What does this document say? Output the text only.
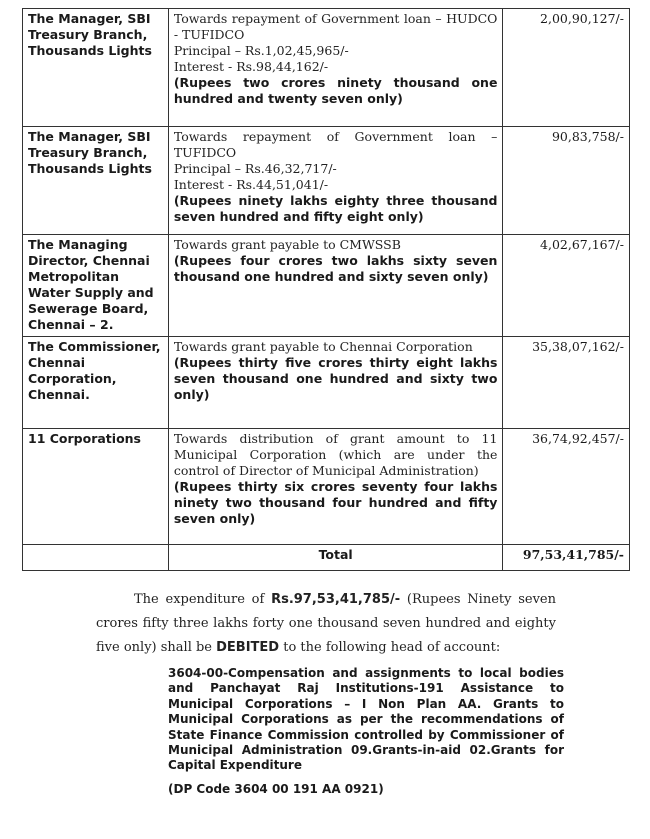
The Manager, SBI Treasury Branch, Thousands Lights	Towards repayment of Government loan – HUDCO - TUFIDCO
Principal – Rs.1,02,45,965/-
Interest - Rs.98,44,162/-
(Rupees two crores ninety thousand one hundred and twenty seven only)	2,00,90,127/-

The Manager, SBI Treasury Branch, Thousands Lights	Towards repayment of Government loan – TUFIDCO
Principal – Rs.46,32,717/-
Interest - Rs.44,51,041/-
(Rupees ninety lakhs eighty three thousand seven hundred and fifty eight only)	90,83,758/-

The Managing Director, Chennai Metropolitan Water Supply and Sewerage Board, Chennai – 2.	Towards grant payable to CMWSSB
(Rupees four crores two lakhs sixty seven thousand one hundred and sixty seven only)	4,02,67,167/-

The Commissioner, Chennai Corporation, Chennai.	Towards grant payable to Chennai Corporation
(Rupees thirty five crores thirty eight lakhs seven thousand one hundred and sixty two only)	35,38,07,162/-

11 Corporations	Towards distribution of grant amount to 11 Municipal Corporation (which are under the control of Director of Municipal Administration)
(Rupees thirty six crores seventy four lakhs ninety two thousand four hundred and fifty seven only)	36,74,92,457/-
	Total	97,53,41,785/-
The expenditure of Rs.97,53,41,785/- (Rupees Ninety seven crores fifty three lakhs forty one thousand seven hundred and eighty five only) shall be DEBITED to the following head of account:
3604-00-Compensation and assignments to local bodies and Panchayat Raj Institutions-191 Assistance to Municipal Corporations – I Non Plan AA. Grants to Municipal Corporations as per the recommendations of State Finance Commission controlled by Commissioner of Municipal Administration 09.Grants-in-aid 02.Grants for Capital Expenditure
(DP Code 3604 00 191 AA 0921)
